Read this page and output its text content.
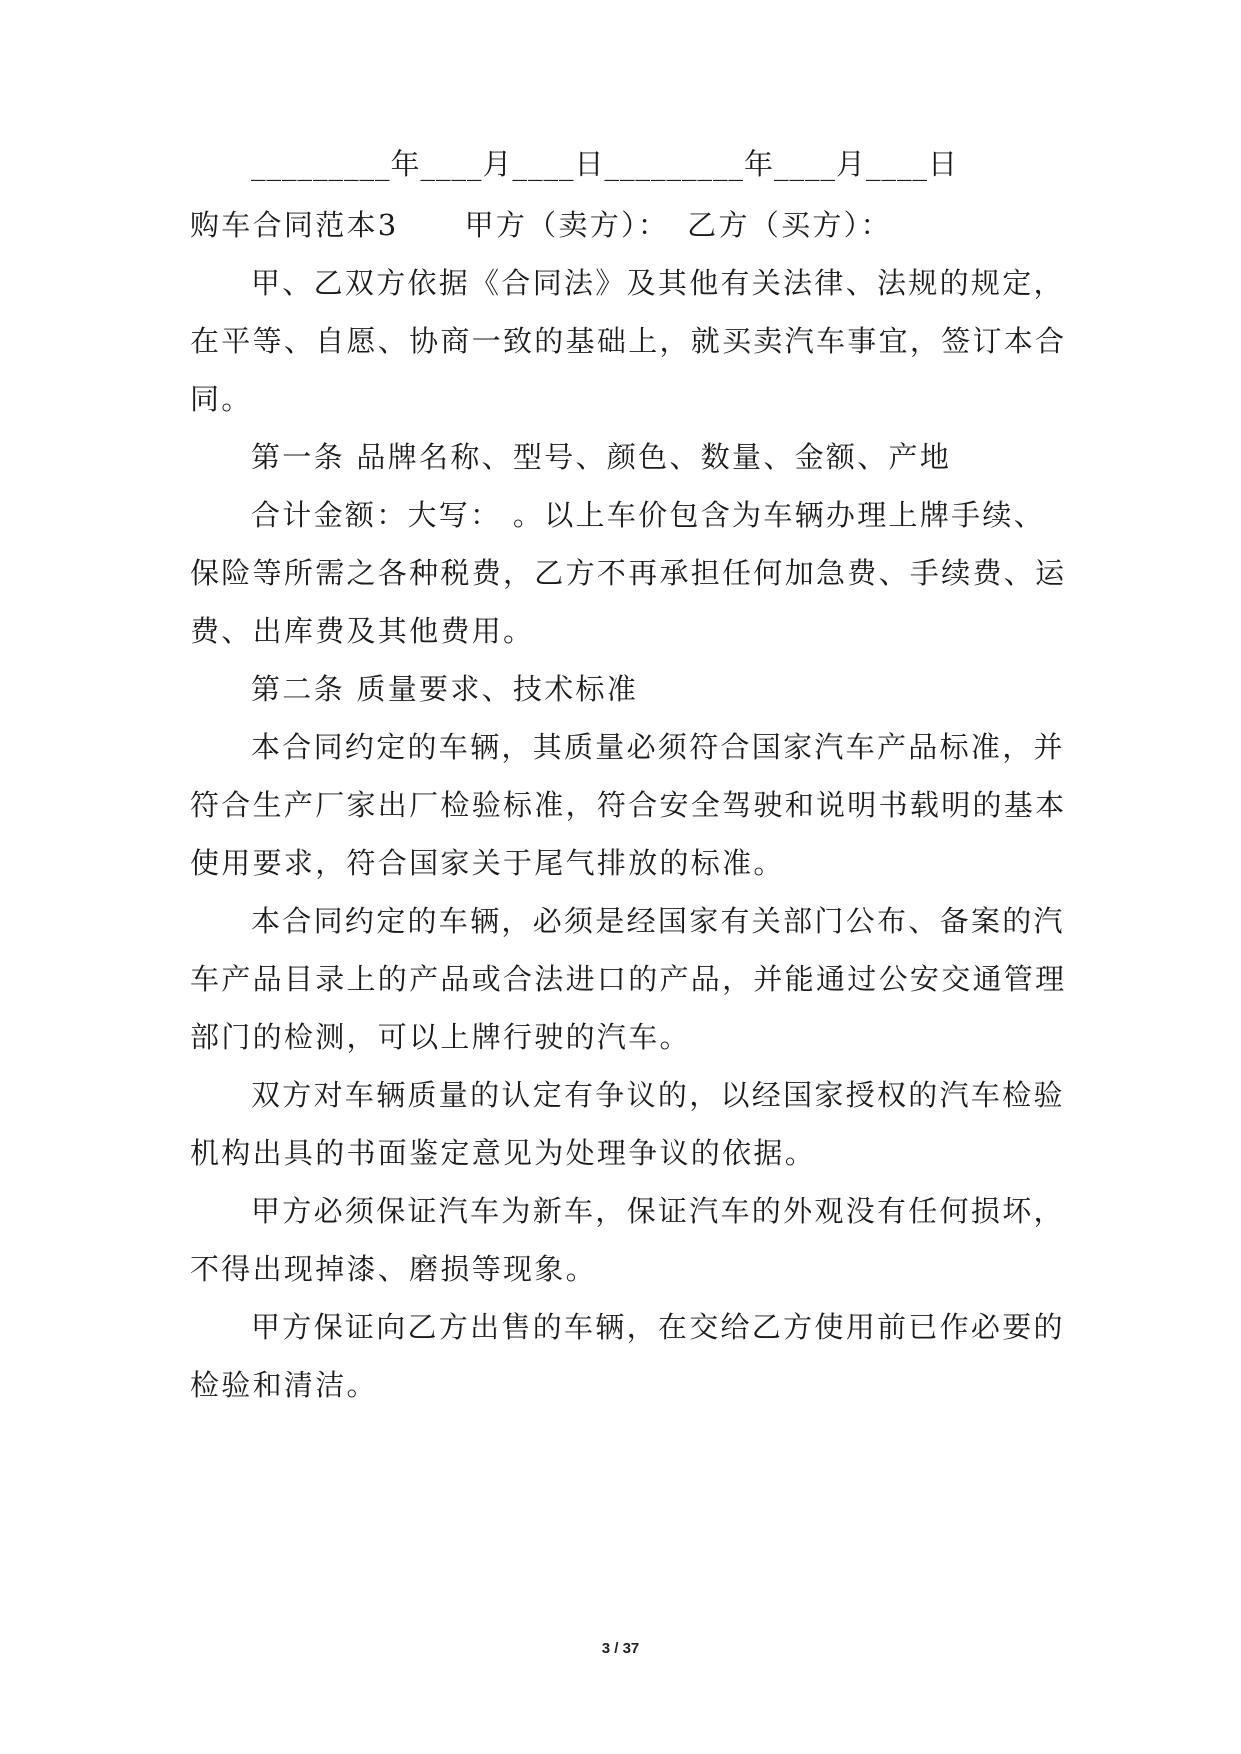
_________年____月____日_________年____月____日
购车合同范本3 甲方（卖方）： 乙方（买方）：
甲、乙双方依据《合同法》及其他有关法律、法规的规定，
在平等、自愿、协商一致的基础上，就买卖汽车事宜，签订本合
同。
第一条 品牌名称、型号、颜色、数量、金额、产地
合计金额：大写： 。以上车价包含为车辆办理上牌手续、
保险等所需之各种税费，乙方不再承担任何加急费、手续费、运
费、出库费及其他费用。
第二条 质量要求、技术标准
本合同约定的车辆，其质量必须符合国家汽车产品标准，并
符合生产厂家出厂检验标准，符合安全驾驶和说明书载明的基本
使用要求，符合国家关于尾气排放的标准。
本合同约定的车辆，必须是经国家有关部门公布、备案的汽
车产品目录上的产品或合法进口的产品，并能通过公安交通管理
部门的检测，可以上牌行驶的汽车。
双方对车辆质量的认定有争议的，以经国家授权的汽车检验
机构出具的书面鉴定意见为处理争议的依据。
甲方必须保证汽车为新车，保证汽车的外观没有任何损坏，
不得出现掉漆、磨损等现象。
甲方保证向乙方出售的车辆，在交给乙方使用前已作必要的
检验和清洁。
3 / 37
